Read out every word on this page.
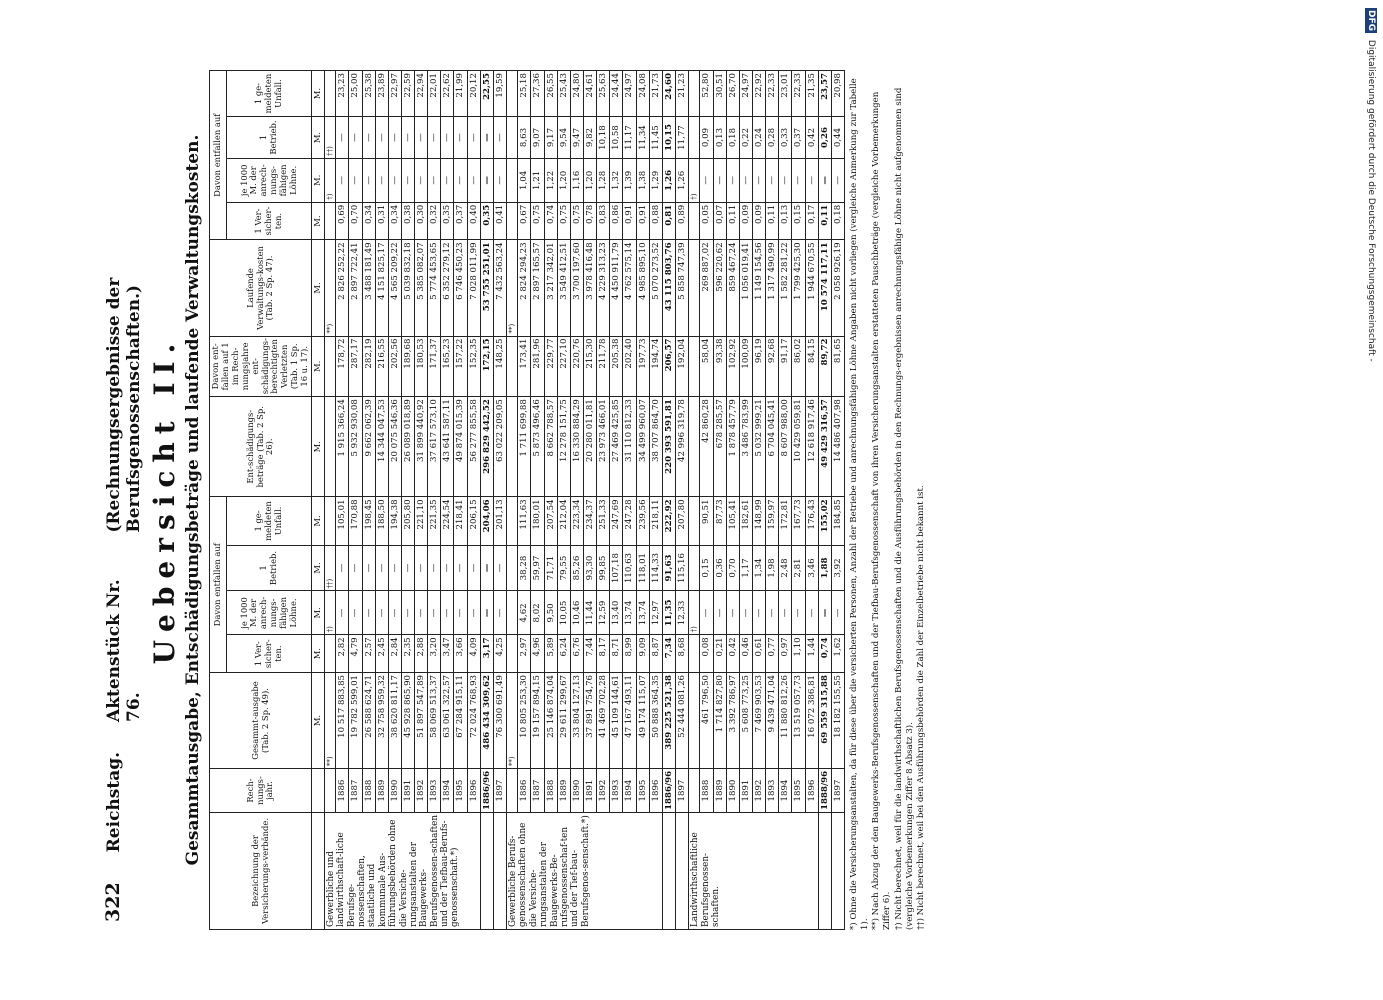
DFG Digitalisierung gefördert durch die Deutsche Forschungsgemeinschaft -
322
Reichstag.
Aktenstück Nr. 76.
(Rechnungsergebnisse der Berufsgenossenschaften.) Uebersicht II. Gesammtausgabe, Entschädigungsbeträge und laufende Verwaltungskosten.
Bezeichnung der Versicherungs-verbände.	Rech-nungs-jahr.	Gesammt-ausgabe (Tab. 2 Sp. 49).	Davon entfallen auf				Ent-schädigungs-beträge (Tab. 2 Sp. 26).	Davon ent-fallen auf 1 im Rech-nungsjahre ent-schädigungs-berechtigten Verletzten (Tab. 1 Sp. 16 u. 17).	Laufende Verwaltungs-kosten (Tab. 2 Sp. 47).	Davon entfallen auf			
			1 Ver-sicher-ten.	je 1000 M. der anrech-nungs-fähigen Löhne.	1 Betrieb.	1 ge-meldeten Unfall.				1 Ver-sicher-ten.	je 1000 M. der anrech-nungs-fähigen Löhne.	1 Betrieb.	1 ge-meldeten Unfall.
		M.	M.	M.	M.	M.	M.	M.	M.	M.	M.	M.	M.
Gewerbliche und landwirthschaft-liche Berufsge-nossenschaften, staatliche und kommunale Aus-führungsbehörden ohne die Versiche-rungsanstalten der Baugewerks-Berufsgenossen-schaften und der Tiefbau-Berufs-genossenschaft.*)		**)		†)	††)				**)		†)	††)	
	1886	10 517 883,85	2,82	—	—	105,01	1 915 366,24	178,72	2 826 252,22	0,69	—	—	23,23
	1887	19 782 599,01	4,79	—	—	170,88	5 932 930,08	287,17	2 897 722,41	0,70	—	—	25,00
	1888	26 588 624,71	2,57	—	—	198,45	9 662 062,39	282,19	3 488 181,49	0,34	—	—	25,38
	1889	32 758 959,32	2,45	—	—	188,50	14 344 047,53	216,55	4 151 825,17	0,31	—	—	23,89
	1890	38 620 811,17	2,84	—	—	194,38	20 075 546,36	202,56	4 565 209,22	0,34	—	—	22,97
	1891	45 928 865,90	2,35	—	—	205,80	26 089 018,89	189,68	5 039 832,18	0,38	—	—	22,59
	1892	51 897 547,89	2,88	—	—	221,10	31 899 440,92	180,53	5 385 082,07	0,30	—	—	22,94
	1893	58 069 513,37	3,20	—	—	221,35	37 617 573,10	171,37	5 774 453,65	0,32	—	—	22,01
	1894	63 061 322,57	3,47	—	—	224,54	43 641 587,11	165,23	6 352 279,12	0,35	—	—	22,62
	1895	67 284 915,11	3,66	—	—	218,41	49 874 015,39	157,22	6 746 450,23	0,37	—	—	21,99
	1896	72 024 768,93	4,09	—	—	206,15	56 277 855,58	152,35	7 028 011,99	0,40	—	—	20,12
	1886/96	486 434 309,62	3,17	—	—	204,06	296 829 442,52	172,15	53 755 251,01	0,35	—	—	22,55
	1897	76 300 691,49	4,25	—	—	201,13	63 022 209,05	148,25	7 432 563,24	0,41	—	—	19,59
Gewerbliche Berufs-genossenschaften ohne die Versiche-rungsanstalten der Baugewerks-Be-rufsgenossenschaf-ten und der Tief-bau-Berufsgenos-senschaft.*)		**)							**)				
	1886	10 805 253,30	2,97	4,62	38,28	111,63	1 711 699,88	173,41	2 824 294,23	0,67	1,04	8,63	25,18
	1887	19 157 894,15	4,96	8,02	59,97	180,01	5 873 496,46	281,96	2 897 165,57	0,75	1,21	9,07	27,36
	1888	25 146 874,04	5,89	9,50	71,71	207,54	8 662 788,57	229,77	3 217 342,01	0,74	1,22	9,17	26,55
	1889	29 611 299,67	6,24	10,05	79,55	212,04	12 278 151,75	227,10	3 549 412,51	0,75	1,20	9,54	25,43
	1890	33 804 127,13	6,76	10,46	85,26	223,34	16 330 884,29	220,76	3 700 197,60	0,75	1,16	9,47	24,80
	1891	37 891 754,76	7,44	11,44	93,30	234,37	20 280 011,81	215,30	3 978 416,48	0,78	1,20	9,82	24,61
	1892	41 469 702,28	8,17	12,59	99,85	251,33	23 973 466,01	211,78	4 229 313,23	0,83	1,28	10,18	25,63
	1893	45 109 144,61	8,71	13,40	107,18	247,69	27 469 425,85	205,38	4 450 911,79	0,86	1,32	10,58	24,44
	1894	47 167 493,11	8,99	13,74	110,63	247,28	31 110 812,33	202,40	4 762 575,14	0,91	1,39	11,17	24,97
	1895	49 174 115,07	9,09	13,74	118,01	239,56	34 499 960,07	197,73	4 985 895,10	0,91	1,38	11,34	24,08
	1896	50 888 364,35	8,87	12,97	114,33	218,11	38 707 864,70	194,74	5 070 273,52	0,88	1,29	11,45	21,73
	1886/96	389 225 521,38	7,34	11,35	91,63	222,92	220 393 591,81	206,57	43 115 803,76	0,81	1,26	10,15	24,60
	1897	52 444 081,26	8,68	12,33	115,16	207,80	42 996 319,78	192,04	5 858 747,39	0,89	1,26	11,77	21,23
Landwirthschaftliche Berufsgenossen-schaften.				†)							†)		
	1888	461 796,50	0,08	—	0,15	90,51	42 860,28	58,04	269 887,02	0,05	—	0,09	52,80
	1889	1 714 827,80	0,21	—	0,36	87,73	678 285,57	93,38	596 220,62	0,07	—	0,13	30,51
	1890	3 392 786,97	0,42	—	0,70	105,41	1 878 457,79	102,92	859 467,24	0,11	—	0,18	26,70
	1891	5 608 773,25	0,46	—	1,17	182,61	3 486 783,99	100,09	1 056 019,41	0,09	—	0,22	24,97
	1892	7 469 903,53	0,61	—	1,34	148,99	5 032 999,21	96,19	1 149 154,56	0,09	—	0,24	22,92
	1893	9 439 471,04	0,77	—	1,98	159,97	6 704 045,41	92,68	1 317 490,99	0,11	—	0,28	22,33
	1894	11 880 812,26	0,97	—	2,48	172,81	8 607 988,00	91,17	1 582 281,22	0,13	—	0,33	23,01
	1895	13 519 057,73	1,10	—	2,81	167,73	10 429 059,81	86,02	1 799 425,30	0,15	—	0,37	22,33
	1896	16 072 386,81	1,44	—	3,46	176,43	12 618 917,46	84,15	1 944 670,55	0,17	—	0,42	21,35
	1888/96	69 559 315,88	0,74	—	1,88	155,02	49 429 316,57	89,72	10 574 117,11	0,11	—	0,26	23,57
	1897	18 182 155,55	1,62	—	3,92	184,85	14 486 407,98	81,65	2 058 926,19	0,18	—	0,44	20,98 *) Ohne die Versicherungsanstalten, da für diese über die versicherten Personen, Anzahl der Betriebe und anrechnungsfähigen Löhne Angaben nicht vorliegen (vergleiche Anmerkung zur Tabelle 1). **) Nach Abzug der den Baugewerks-Berufsgenossenschaften und der Tiefbau-Berufsgenossenschaft von ihren Versicherungsanstalten erstatteten Pauschbeträge (vergleiche Vorbemerkungen Ziffer 6). †) Nicht berechnet, weil für die landwirthschaftlichen Berufsgenossenschaften und die Ausführungsbehörden in den Rechnungs-ergebnissen anrechnungsfähige Löhne nicht aufgenommen sind (vergleiche Vorbemerkungen Ziffer 8 Absatz 3). ††) Nicht berechnet, weil bei den Ausführungsbehörden die Zahl der Einzelbetriebe nicht bekannt ist.
